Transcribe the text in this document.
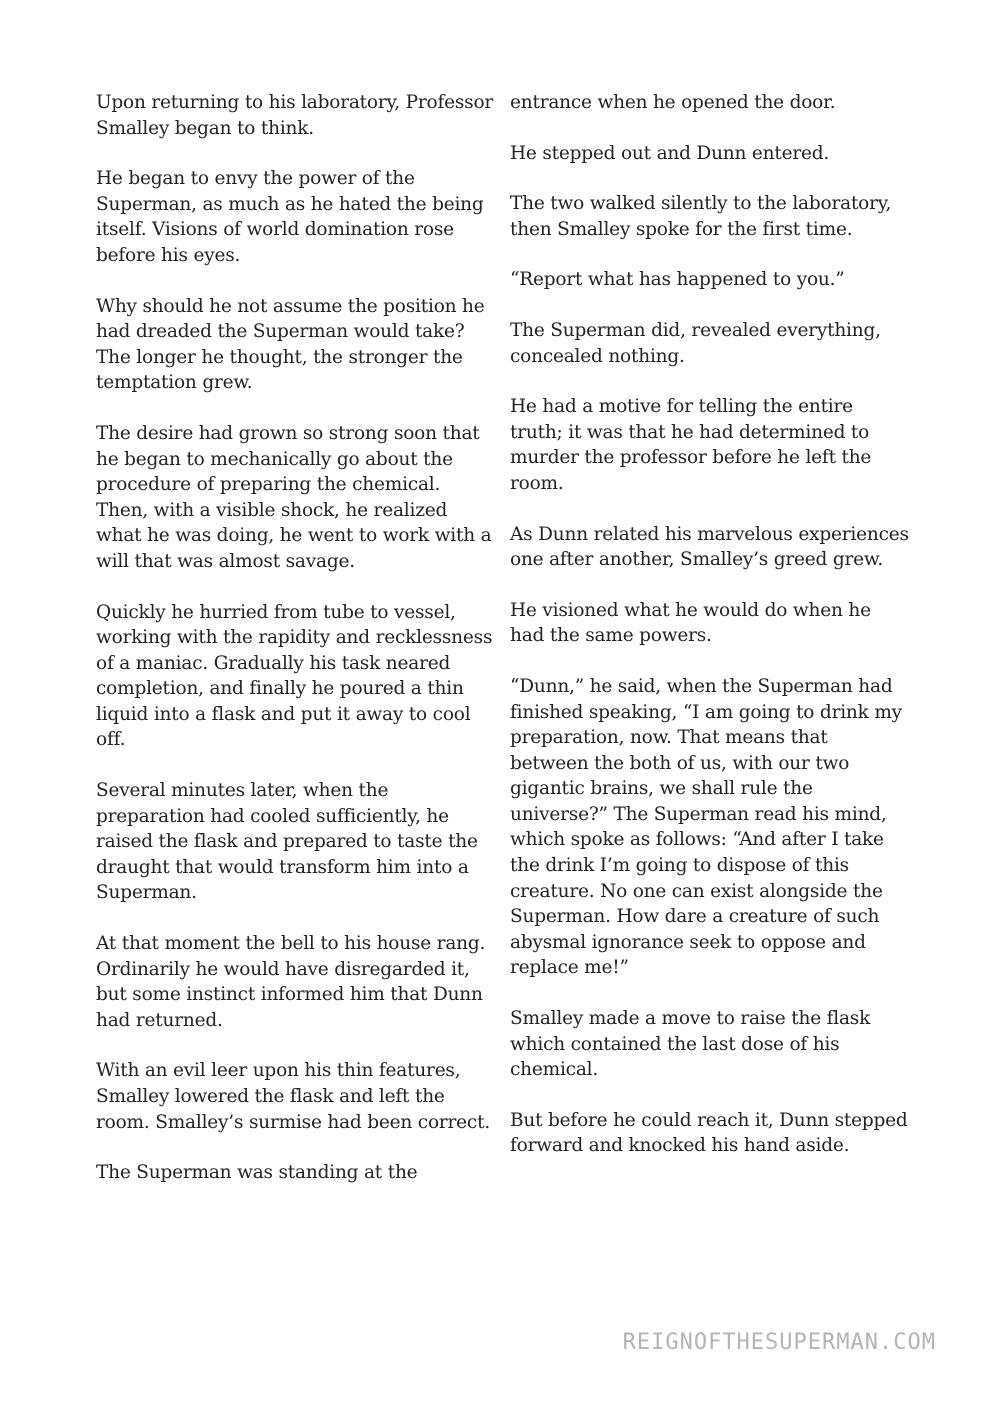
Upon returning to his laboratory, Professor Smalley began to think.

He began to envy the power of the Superman, as much as he hated the being itself. Visions of world domination rose before his eyes.

Why should he not assume the position he had dreaded the Superman would take? The longer he thought, the stronger the temptation grew.

The desire had grown so strong soon that he began to mechanically go about the procedure of preparing the chemical. Then, with a visible shock, he realized what he was doing, he went to work with a will that was almost savage.

Quickly he hurried from tube to vessel, working with the rapidity and recklessness of a maniac. Gradually his task neared completion, and finally he poured a thin liquid into a flask and put it away to cool off.

Several minutes later, when the preparation had cooled sufficiently, he raised the flask and prepared to taste the draught that would transform him into a Superman.

At that moment the bell to his house rang. Ordinarily he would have disregarded it, but some instinct informed him that Dunn had returned.

With an evil leer upon his thin features, Smalley lowered the flask and left the room. Smalley’s surmise had been correct.

The Superman was standing at the

entrance when he opened the door.

He stepped out and Dunn entered.

The two walked silently to the laboratory, then Smalley spoke for the first time.

“Report what has happened to you.”

The Superman did, revealed everything, concealed nothing.

He had a motive for telling the entire truth; it was that he had determined to murder the professor before he left the room.

As Dunn related his marvelous experiences one after another, Smalley’s greed grew.

He visioned what he would do when he had the same powers.

“Dunn,” he said, when the Superman had finished speaking, “I am going to drink my preparation, now. That means that between the both of us, with our two gigantic brains, we shall rule the universe?” The Superman read his mind, which spoke as follows: “And after I take the drink I’m going to dispose of this creature. No one can exist alongside the Superman. How dare a creature of such abysmal ignorance seek to oppose and replace me!”

Smalley made a move to raise the flask which contained the last dose of his chemical.

But before he could reach it, Dunn stepped forward and knocked his hand aside.

REIGNOFTHESUPERMAN.COM
